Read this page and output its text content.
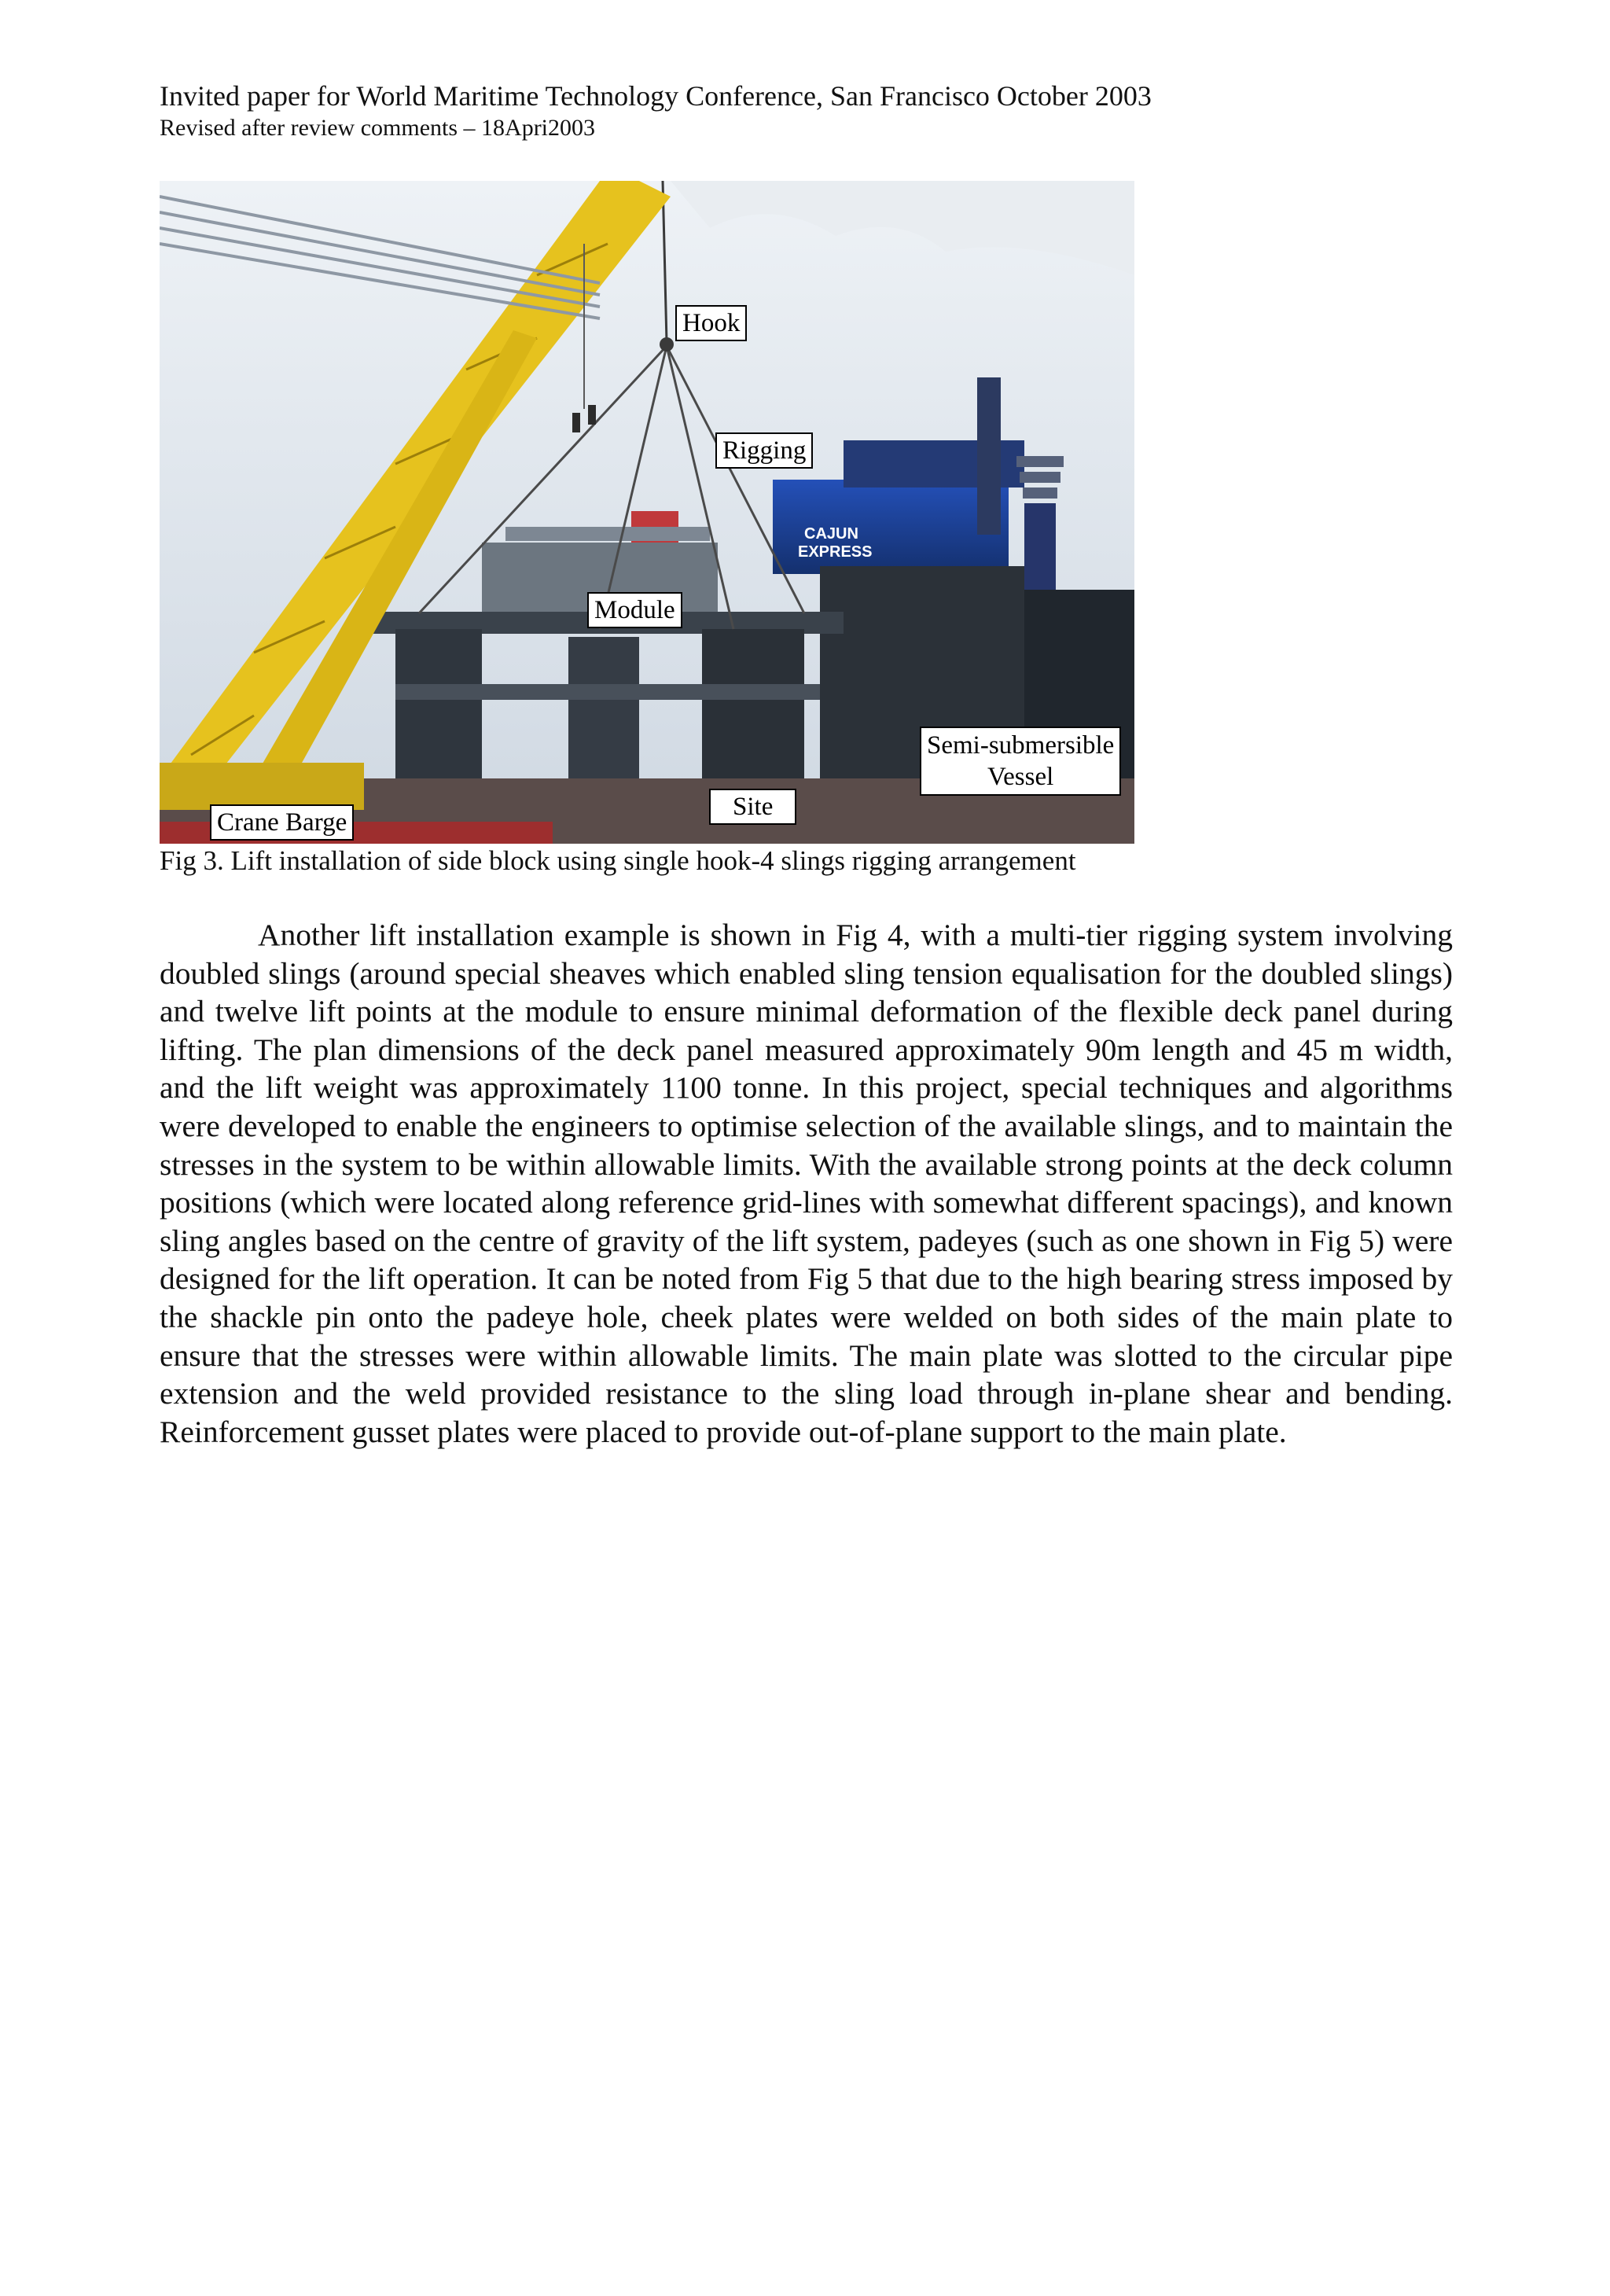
Invited paper for World Maritime Technology Conference, San Francisco October 2003
Revised after review comments – 18Apri2003
CAJUN
EXPRESS
Hook
Rigging
Module
Semi-submersible
Vessel
Site
Crane Barge
Fig 3. Lift installation of side block using single hook-4 slings rigging arrangement

Another lift installation example is shown in Fig 4, with a multi-tier rigging system involving doubled slings (around special sheaves which enabled sling tension equalisation for the doubled slings) and twelve lift points at the module to ensure minimal deformation of the flexible deck panel during lifting. The plan dimensions of the deck panel measured approximately 90m length and 45 m width, and the lift weight was approximately 1100 tonne. In this project, special techniques and algorithms were developed to enable the engineers to optimise selection of the available slings, and to maintain the stresses in the system to be within allowable limits. With the available strong points at the deck column positions (which were located along reference grid-lines with somewhat different spacings), and known sling angles based on the centre of gravity of the lift system, padeyes (such as one shown in Fig 5) were designed for the lift operation. It can be noted from Fig 5 that due to the high bearing stress imposed by the shackle pin onto the padeye hole, cheek plates were welded on both sides of the main plate to ensure that the stresses were within allowable limits. The main plate was slotted to the circular pipe extension and the weld provided resistance to the sling load through in-plane shear and bending. Reinforcement gusset plates were placed to provide out-of-plane support to the main plate.
